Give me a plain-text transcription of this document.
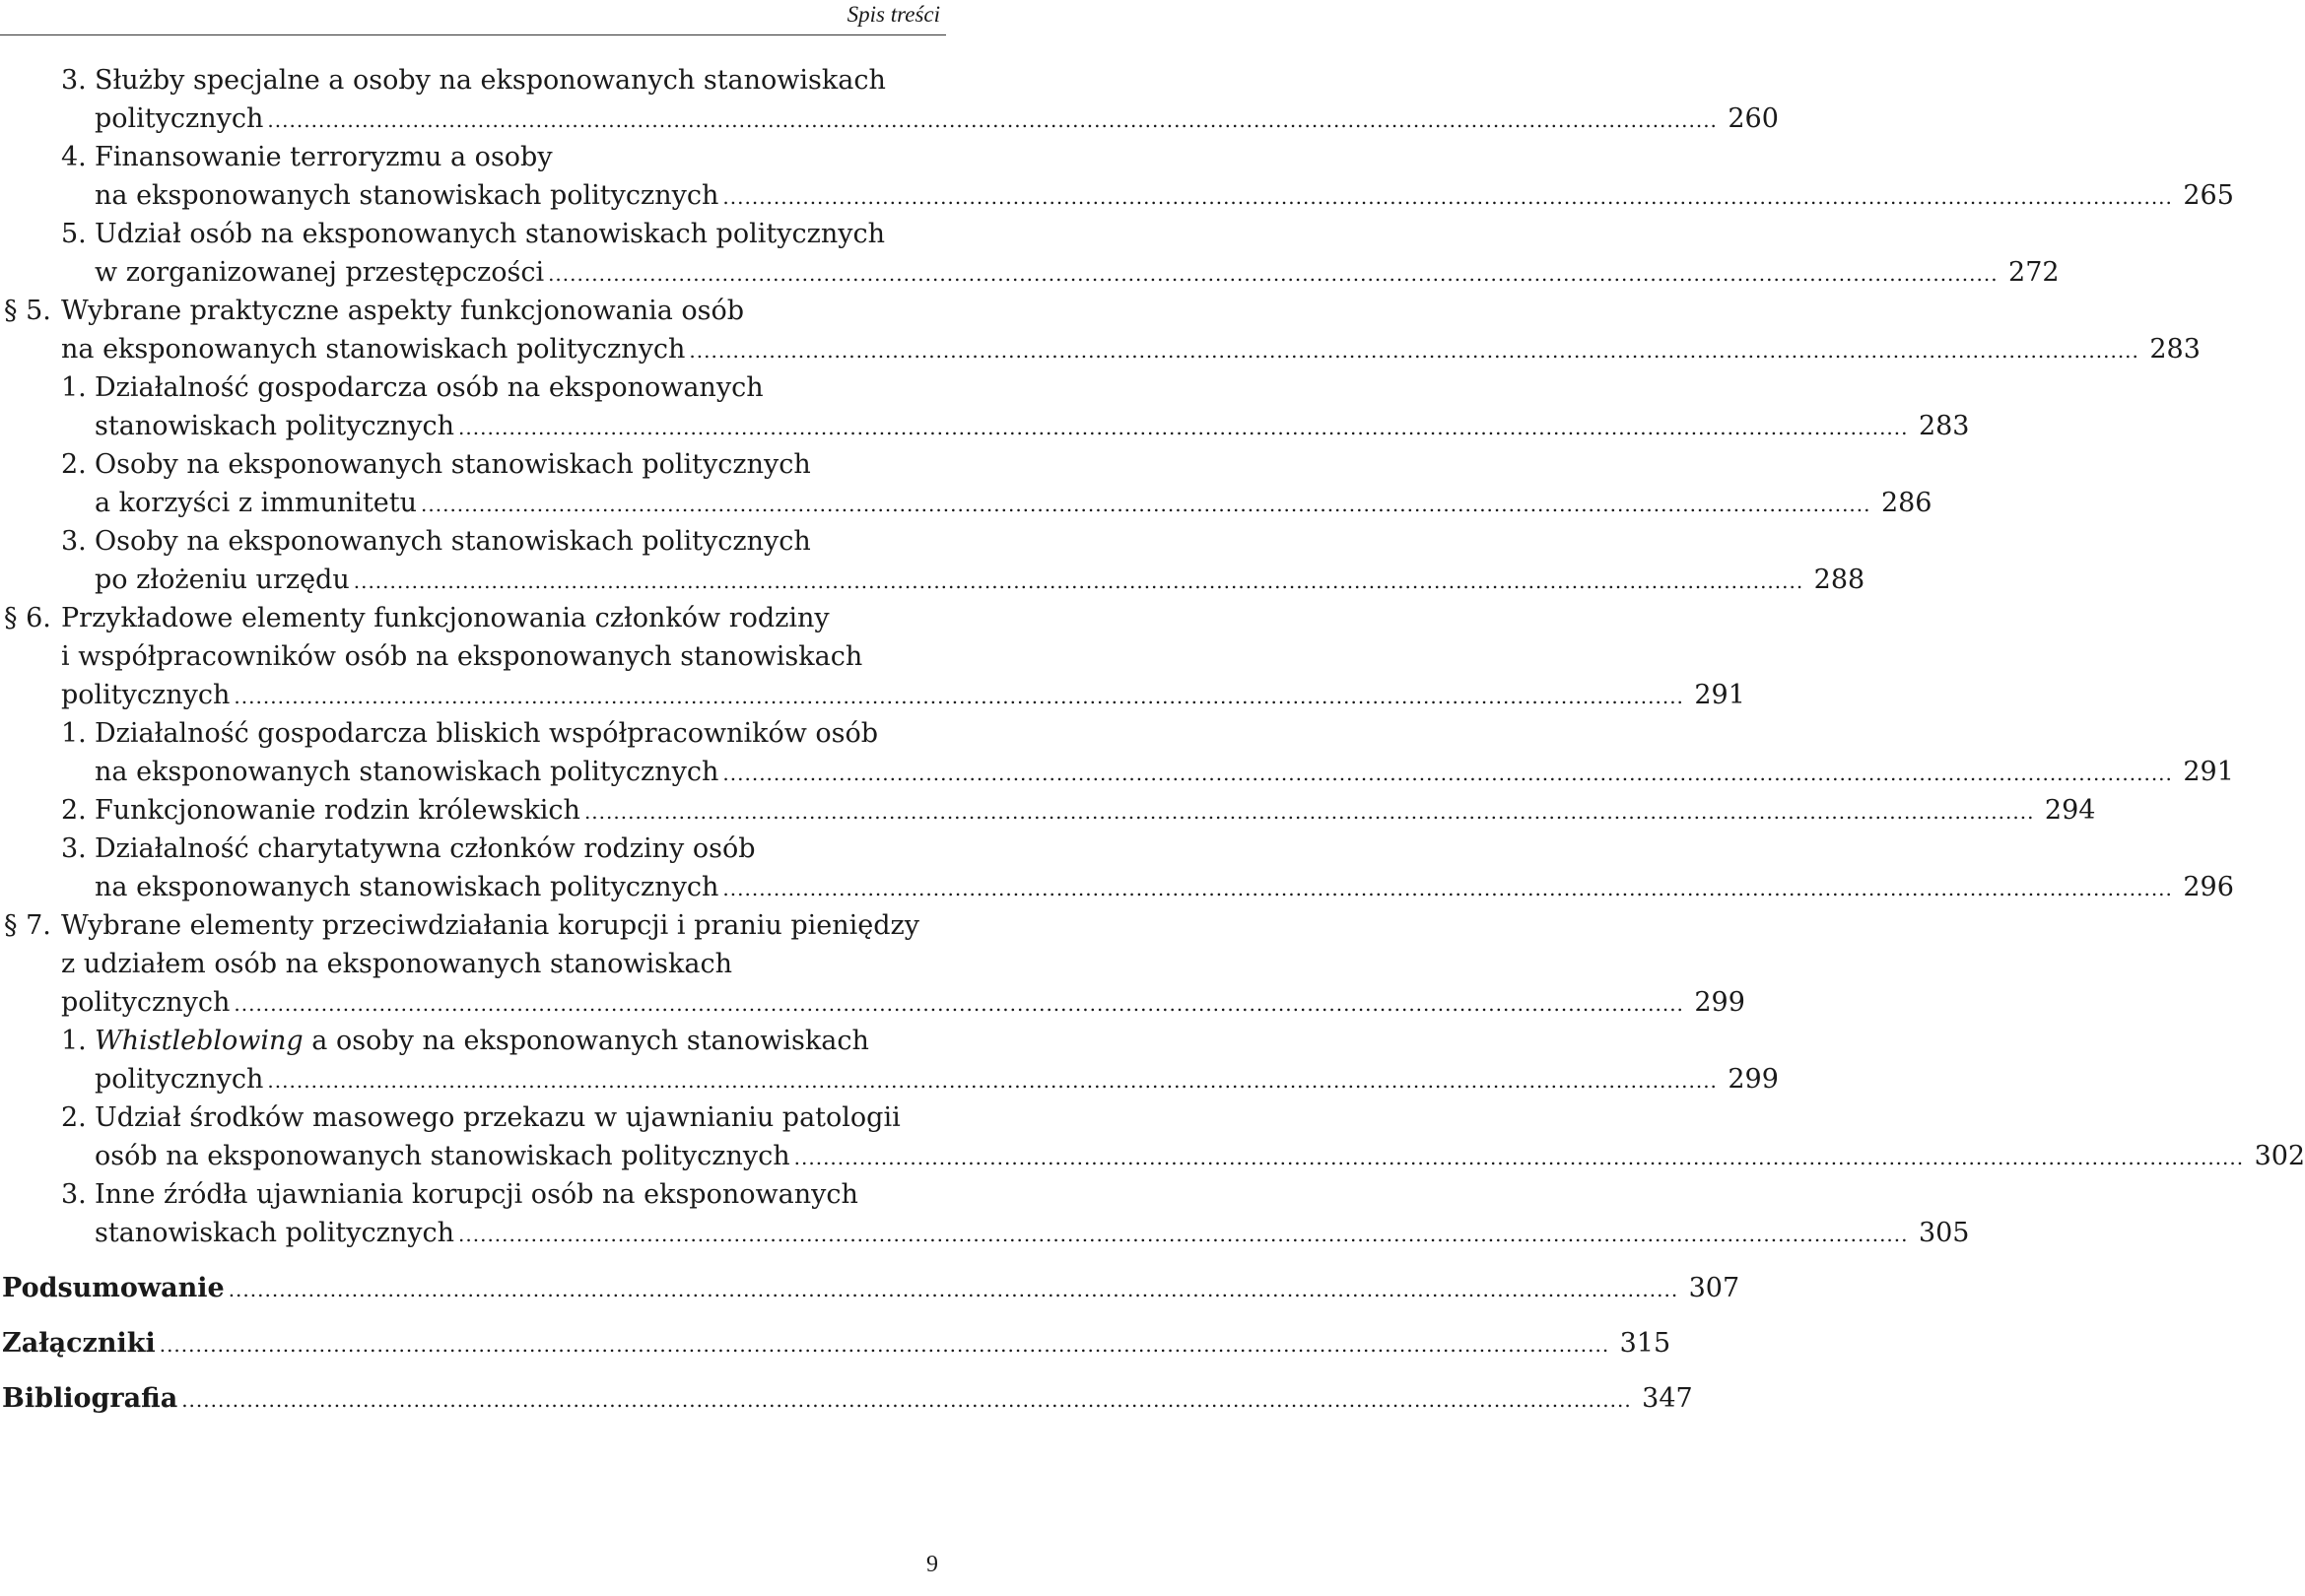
Spis treści
3. Służby specjalne a osoby na eksponowanych stanowiskach
politycznych ........................................................................................................................................................................................................ 260
4. Finansowanie terroryzmu a osoby
na eksponowanych stanowiskach politycznych ........................................................................................................................................................................................................ 265
5. Udział osób na eksponowanych stanowiskach politycznych
w zorganizowanej przestępczości ........................................................................................................................................................................................................ 272
§ 5. Wybrane praktyczne aspekty funkcjonowania osób
na eksponowanych stanowiskach politycznych ........................................................................................................................................................................................................ 283
1. Działalność gospodarcza osób na eksponowanych
stanowiskach politycznych ........................................................................................................................................................................................................ 283
2. Osoby na eksponowanych stanowiskach politycznych
a korzyści z immunitetu ........................................................................................................................................................................................................ 286
3. Osoby na eksponowanych stanowiskach politycznych
po złożeniu urzędu ........................................................................................................................................................................................................ 288
§ 6. Przykładowe elementy funkcjonowania członków rodziny
i współpracowników osób na eksponowanych stanowiskach
politycznych ........................................................................................................................................................................................................ 291
1. Działalność gospodarcza bliskich współpracowników osób
na eksponowanych stanowiskach politycznych ........................................................................................................................................................................................................ 291
2. Funkcjonowanie rodzin królewskich ........................................................................................................................................................................................................ 294
3. Działalność charytatywna członków rodziny osób
na eksponowanych stanowiskach politycznych ........................................................................................................................................................................................................ 296
§ 7. Wybrane elementy przeciwdziałania korupcji i praniu pieniędzy
z udziałem osób na eksponowanych stanowiskach
politycznych ........................................................................................................................................................................................................ 299
1. Whistleblowing a osoby na eksponowanych stanowiskach
politycznych ........................................................................................................................................................................................................ 299
2. Udział środków masowego przekazu w ujawnianiu patologii
osób na eksponowanych stanowiskach politycznych ........................................................................................................................................................................................................ 302
3. Inne źródła ujawniania korupcji osób na eksponowanych
stanowiskach politycznych ........................................................................................................................................................................................................ 305
Podsumowanie ........................................................................................................................................................................................................ 307
Załączniki ........................................................................................................................................................................................................ 315
Bibliografia ........................................................................................................................................................................................................ 347
9
